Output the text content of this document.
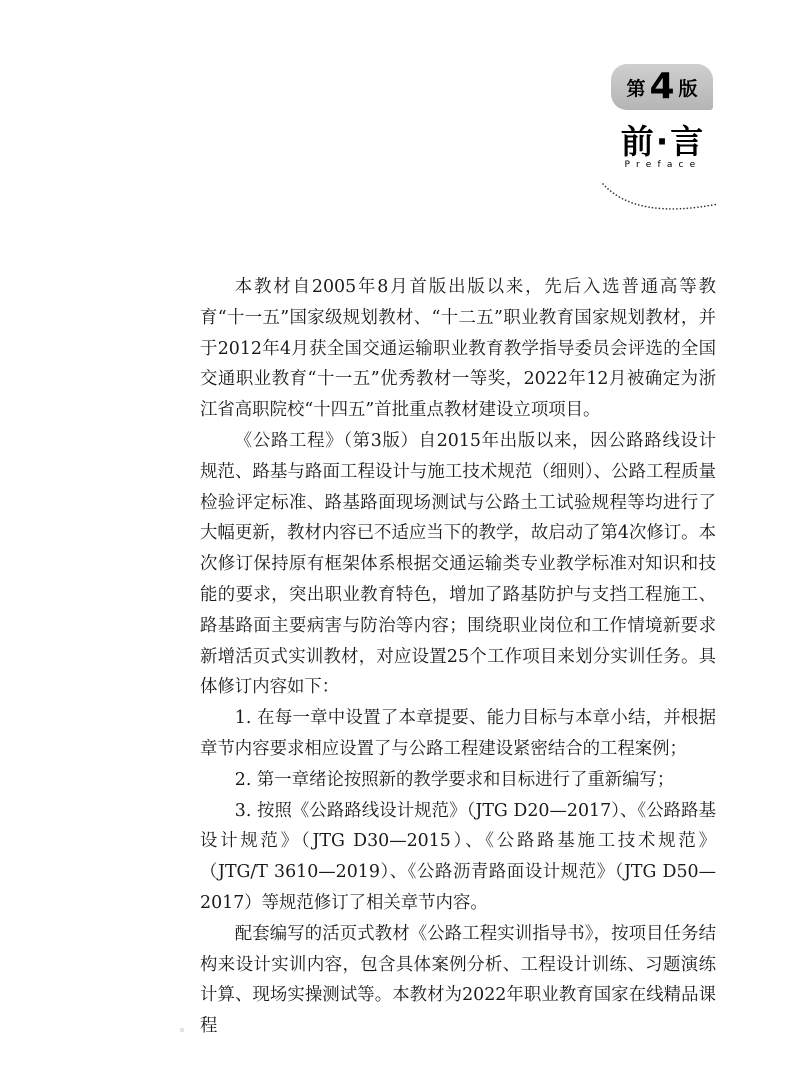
第 4 版
前·言
Preface

本教材自2005年8月首版出版以来，先后入选普通高等教育“十一五”国家级规划教材、“十二五”职业教育国家规划教材，并于2012年4月获全国交通运输职业教育教学指导委员会评选的全国交通职业教育“十一五”优秀教材一等奖，2022年12月被确定为浙江省高职院校“十四五”首批重点教材建设立项项目。

《公路工程》（第3版）自2015年出版以来，因公路路线设计规范、路基与路面工程设计与施工技术规范（细则）、公路工程质量检验评定标准、路基路面现场测试与公路土工试验规程等均进行了大幅更新，教材内容已不适应当下的教学，故启动了第4次修订。本次修订保持原有框架体系根据交通运输类专业教学标准对知识和技能的要求，突出职业教育特色，增加了路基防护与支挡工程施工、路基路面主要病害与防治等内容；围绕职业岗位和工作情境新要求新增活页式实训教材，对应设置25个工作项目来划分实训任务。具体修订内容如下：

1. 在每一章中设置了本章提要、能力目标与本章小结，并根据章节内容要求相应设置了与公路工程建设紧密结合的工程案例；

2. 第一章绪论按照新的教学要求和目标进行了重新编写；

3. 按照《公路路线设计规范》（JTG D20—2017）、《公路路基设计规范》（JTG D30—2015）、《公路路基施工技术规范》（JTG/T 3610—2019）、《公路沥青路面设计规范》（JTG D50—2017）等规范修订了相关章节内容。

配套编写的活页式教材《公路工程实训指导书》，按项目任务结构来设计实训内容，包含具体案例分析、工程设计训练、习题演练计算、现场实操测试等。本教材为2022年职业教育国家在线精品课程
